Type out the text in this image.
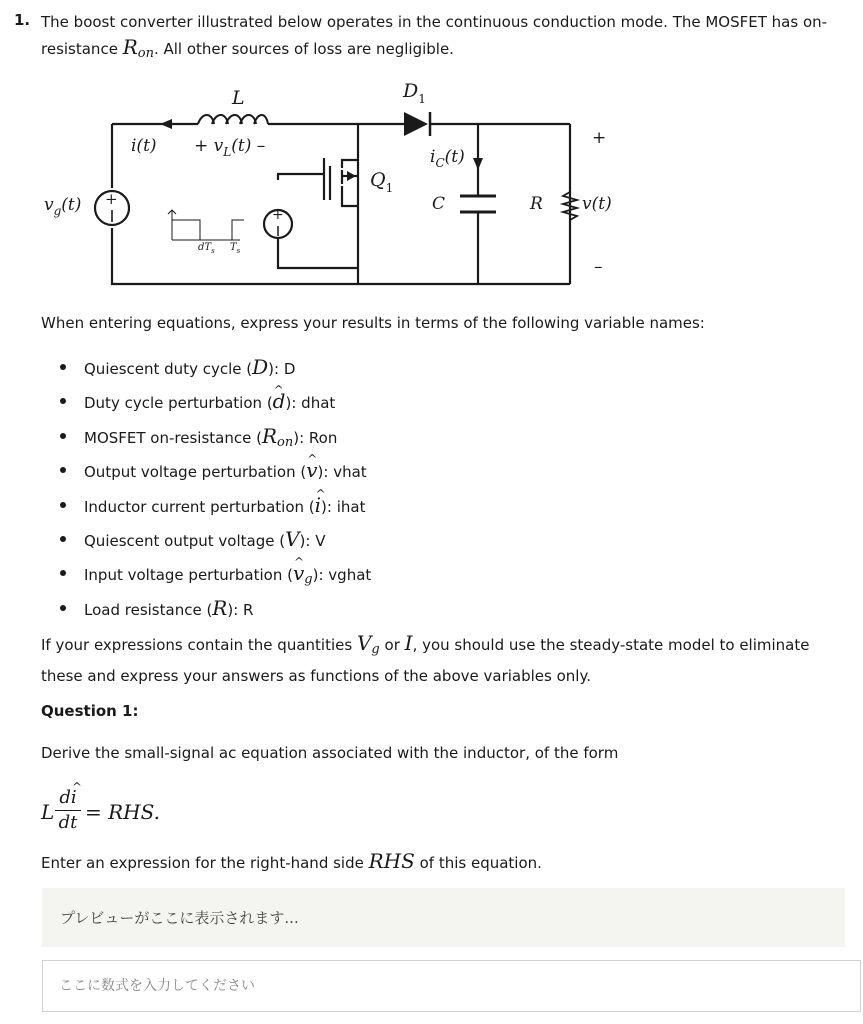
1. The boost converter illustrated below operates in the continuous conduction mode. The MOSFET has on-resistance $R_{on}$. All other sources of loss are negligible.

+
+
L	$D_1$
$i(t) + v_L(t)$ –	+
$i_C(t)$
$Q_1$
C	R v(t)
$v_g(t)$
–
$dT_s$ $T_s$

When entering equations, express your results in terms of the following variable names:

Quiescent duty cycle (D): D
Duty cycle perturbation (d ^): dhat
MOSFET on-resistance $(R_{on})$: Ron
Output voltage perturbation (v ^): vhat
Inductor current perturbation (i ^): ihat
Quiescent output voltage (V): V
Input voltage perturbation (v $\^{}_g$): vghat
Load resistance (R): R

If your expressions contain the quantities $V_g$ or I, you should use the steady-state model to eliminate these and express your answers as functions of the above variables only.

Question 1:

Derive the small-signal ac equation associated with the inductor, of the form

L
di ^
dt = RHS.

Enter an expression for the right-hand side RHS of this equation.

プレビューがここに表示されます...
ここに数式を入力してください
